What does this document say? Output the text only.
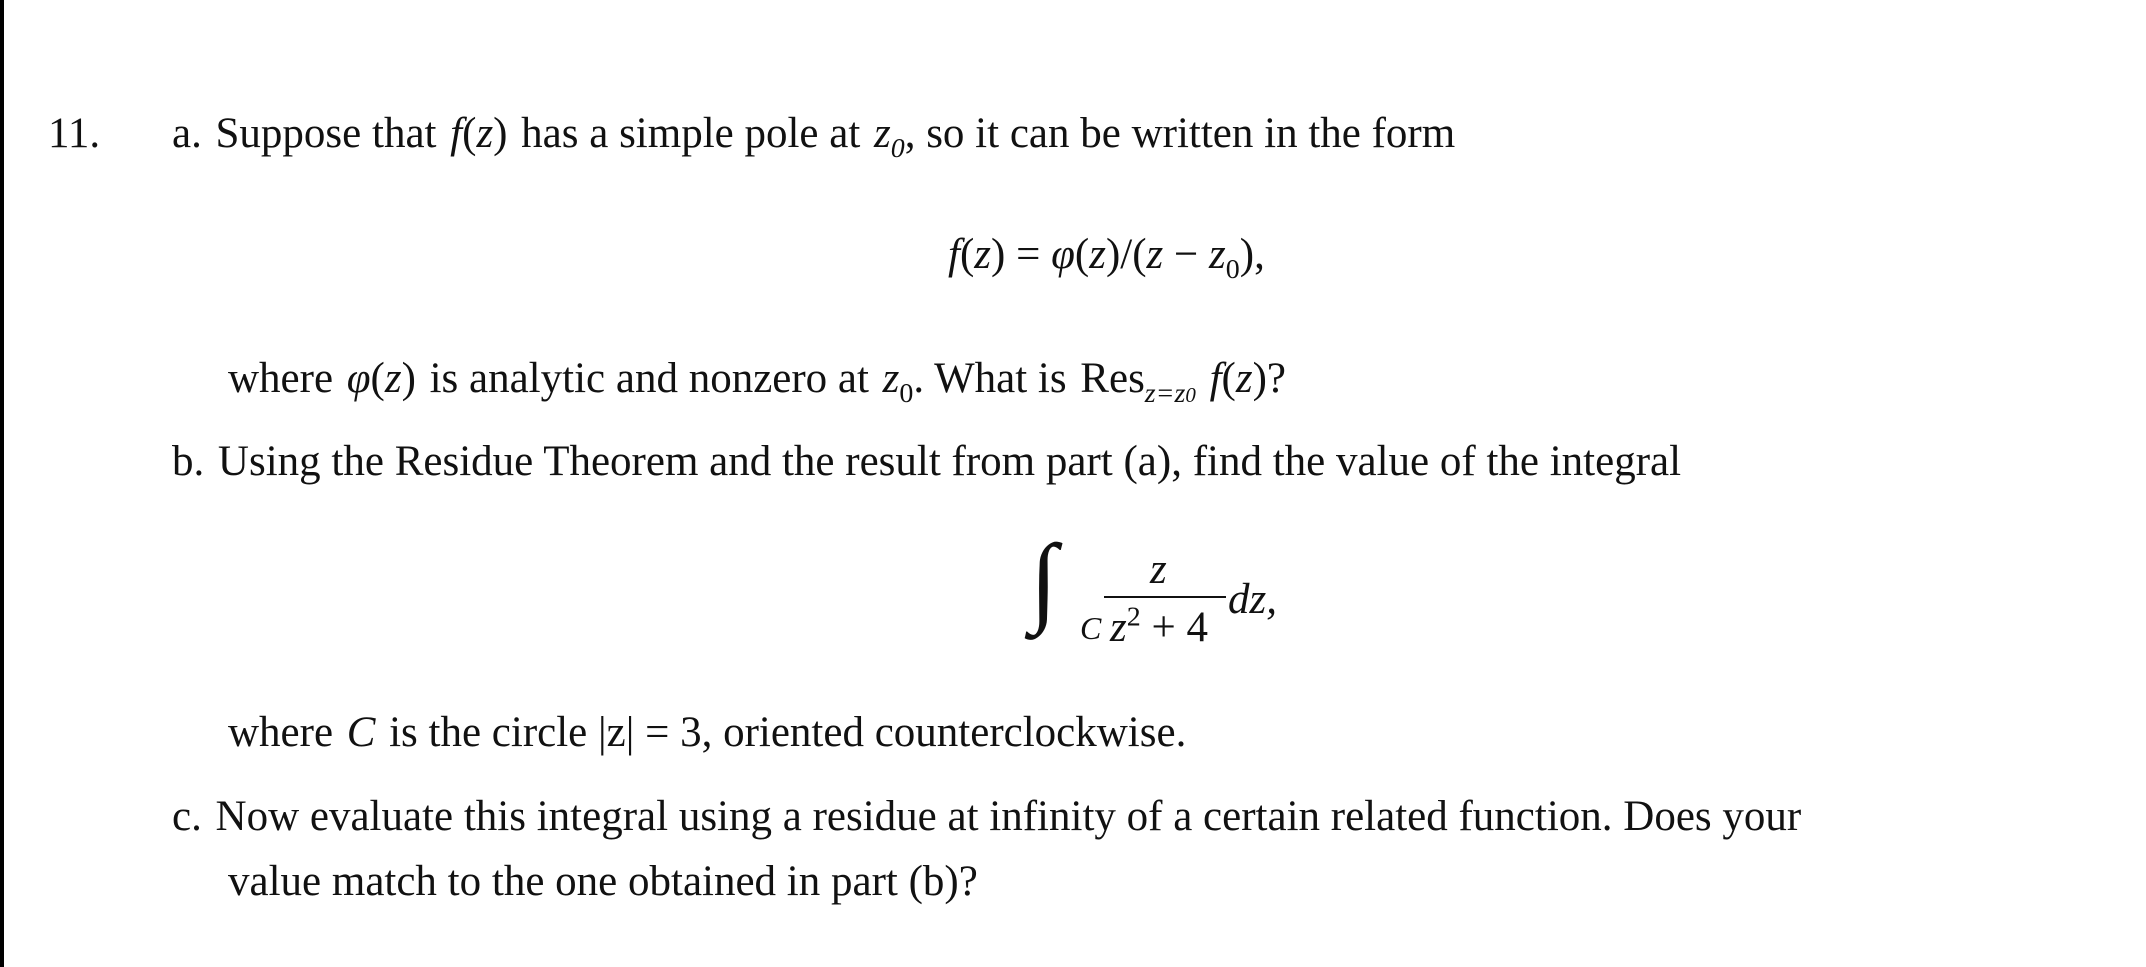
11. a. Suppose that f(z) has a simple pole at $z_0$, so it can be written in the form
$f(z) = \varphi(z)/(z - z_0)$,
where φ(z) is analytic and nonzero at $z_0$. What is Res$_{z=z0}$ f(z)?
b. Using the Residue Theorem and the result from part (a), find the value of the integral
∫ C
z
$z^2 + 4$
dz,
where C is the circle |z| = 3, oriented counterclockwise.
c. Now evaluate this integral using a residue at infinity of a certain related function. Does your
value match to the one obtained in part (b)?
